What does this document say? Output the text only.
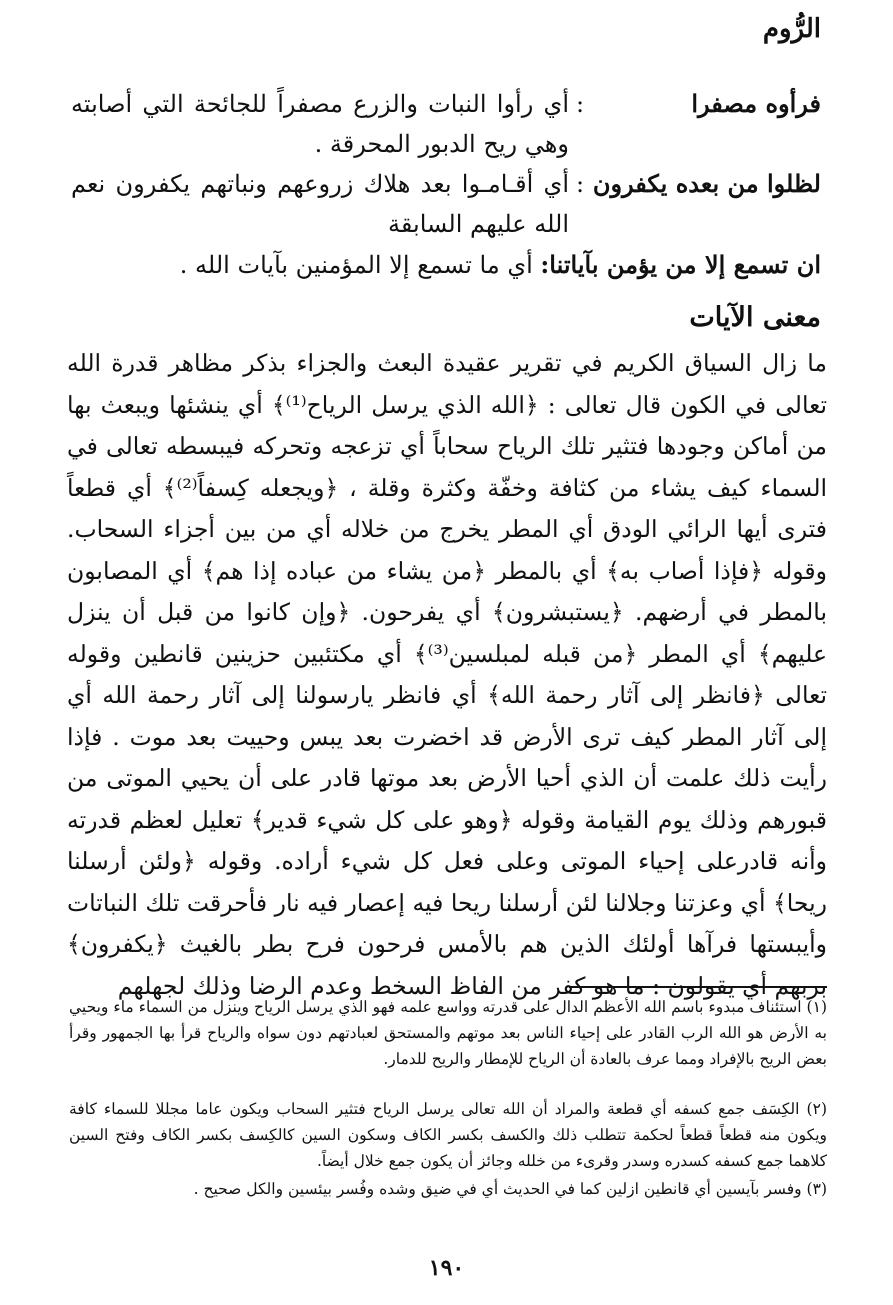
الرُّوم
فرأوه مصفرا
:
أي رأوا النبات والزرع مصفراً للجائحة التي أصابته وهي ريح الدبور المحرقة .
لظلوا من بعده يكفرون
:
أي أقـامـوا بعد هلاك زروعهم ونباتهم يكفرون نعم الله عليهم السابقة
ان تسمع إلا من يؤمن بآياتنا: أي ما تسمع إلا المؤمنين بآيات الله .
معنى الآيات
ما زال السياق الكريم في تقرير عقيدة البعث والجزاء بذكر مظاهر قدرة الله تعالى في الكون قال تعالى : ﴿الله الذي يرسل الرياح⁽¹⁾﴾ أي ينشئها ويبعث بها من أماكن وجودها فتثير تلك الرياح سحاباً أي تزعجه وتحركه فيبسطه تعالى في السماء كيف يشاء من كثافة وخفّة وكثرة وقلة ، ﴿ويجعله كِسفاً⁽²⁾﴾ أي قطعاً فترى أيها الرائي الودق أي المطر يخرج من خلاله أي من بين أجزاء السحاب. وقوله ﴿فإذا أصاب به﴾ أي بالمطر ﴿من يشاء من عباده إذا هم﴾ أي المصابون بالمطر في أرضهم. ﴿يستبشرون﴾ أي يفرحون. ﴿وإن كانوا من قبل أن ينزل عليهم﴾ أي المطر ﴿من قبله لمبلسين⁽³⁾﴾ أي مكتئبين حزينين قانطين وقوله تعالى ﴿فانظر إلى آثار رحمة الله﴾ أي فانظر يارسولنا إلى آثار رحمة الله أي إلى آثار المطر كيف ترى الأرض قد اخضرت بعد يبس وحييت بعد موت . فإذا رأيت ذلك علمت أن الذي أحيا الأرض بعد موتها قادر على أن يحيي الموتى من قبورهم وذلك يوم القيامة وقوله ﴿وهو على كل شيء قدير﴾ تعليل لعظم قدرته وأنه قادرعلى إحياء الموتى وعلى فعل كل شيء أراده. وقوله ﴿ولئن أرسلنا ريحا﴾ أي وعزتنا وجلالنا لئن أرسلنا ريحا فيه إعصار فيه نار فأحرقت تلك النباتات وأيبستها فرآها أولئك الذين هم بالأمس فرحون فرح بطر بالغيث ﴿يكفرون﴾ بربهم أي يقولون : ما هو كفر من الفاظ السخط وعدم الرضا وذلك لجهلهم
(١) استئناف مبدوء باسم الله الأعظم الدال على قدرته وواسع علمه فهو الذي يرسل الرياح وينزل من السماء ماء ويحيي به الأرض هو الله الرب القادر على إحياء الناس بعد موتهم والمستحق لعبادتهم دون سواه والرياح قرأ بها الجمهور وقرأ بعض الريح بالإفراد ومما عرف بالعادة أن الرياح للإمطار والريح للدمار.
(٢) الكِسَف جمع كسفه أي قطعة والمراد أن الله تعالى يرسل الرياح فتثير السحاب ويكون عاما مجللا للسماء كافة ويكون منه قطعاً قطعاً لحكمة تتطلب ذلك والكسف بكسر الكاف وسكون السين كالكِسف بكسر الكاف وفتح السين كلاهما جمع كسفه كسدره وسدر وقرىء من خلله وجائز أن يكون جمع خلال أيضاً.
(٣) وفسر بآيسين أي قانطين ازلين كما في الحديث أي في ضيق وشده وفُسر بيئسين والكل صحيح .
١٩٠
